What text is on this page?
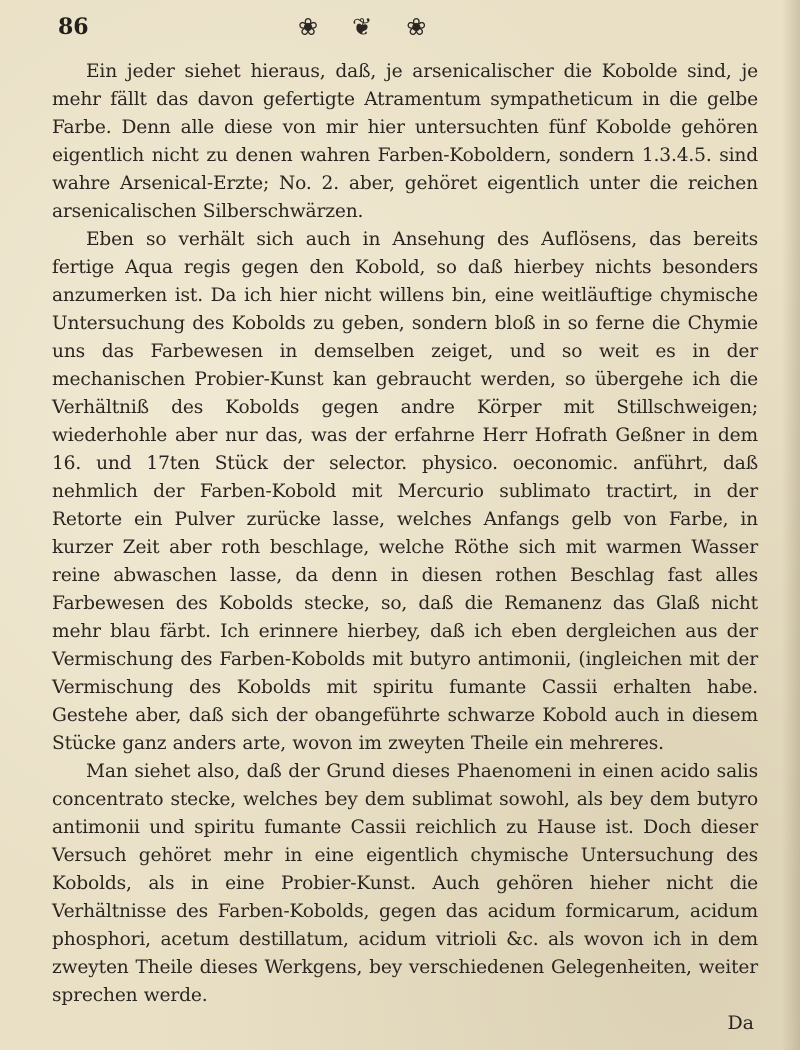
86	❀ ❦ ❀

Ein jeder siehet hieraus, daß, je arsenicalischer die Kobolde sind, je mehr fällt das davon gefertigte Atramentum sympatheticum in die gelbe Farbe. Denn alle diese von mir hier untersuchten fünf Kobolde gehören eigentlich nicht zu denen wahren Farben-Koboldern, sondern 1.3.4.5. sind wahre Arsenical-Erzte; No. 2. aber, gehöret eigentlich unter die reichen arsenicalischen Silberschwärzen.

Eben so verhält sich auch in Ansehung des Auflösens, das bereits fertige Aqua regis gegen den Kobold, so daß hierbey nichts besonders anzumerken ist. Da ich hier nicht willens bin, eine weitläuftige chymische Untersuchung des Kobolds zu geben, sondern bloß in so ferne die Chymie uns das Farbewesen in demselben zeiget, und so weit es in der mechanischen Probier-Kunst kan gebraucht werden, so übergehe ich die Verhältniß des Kobolds gegen andre Körper mit Stillschweigen; wiederhohle aber nur das, was der erfahrne Herr Hofrath Geßner in dem 16. und 17ten Stück der selector. physico. oeconomic. anführt, daß nehmlich der Farben-Kobold mit Mercurio sublimato tractirt, in der Retorte ein Pulver zurücke lasse, welches Anfangs gelb von Farbe, in kurzer Zeit aber roth beschlage, welche Röthe sich mit warmen Wasser reine abwaschen lasse, da denn in diesen rothen Beschlag fast alles Farbewesen des Kobolds stecke, so, daß die Remanenz das Glaß nicht mehr blau färbt. Ich erinnere hierbey, daß ich eben dergleichen aus der Vermischung des Farben-Kobolds mit butyro antimonii, (ingleichen mit der Vermischung des Kobolds mit spiritu fumante Cassii erhalten habe. Gestehe aber, daß sich der obangeführte schwarze Kobold auch in diesem Stücke ganz anders arte, wovon im zweyten Theile ein mehreres.

Man siehet also, daß der Grund dieses Phaenomeni in einen acido salis concentrato stecke, welches bey dem sublimat sowohl, als bey dem butyro antimonii und spiritu fumante Cassii reichlich zu Hause ist. Doch dieser Versuch gehöret mehr in eine eigentlich chymische Untersuchung des Kobolds, als in eine Probier-Kunst. Auch gehören hieher nicht die Verhältnisse des Farben-Kobolds, gegen das acidum formicarum, acidum phosphori, acetum destillatum, acidum vitrioli &c. als wovon ich in dem zweyten Theile dieses Werkgens, bey verschiedenen Gelegenheiten, weiter sprechen werde.

Da
